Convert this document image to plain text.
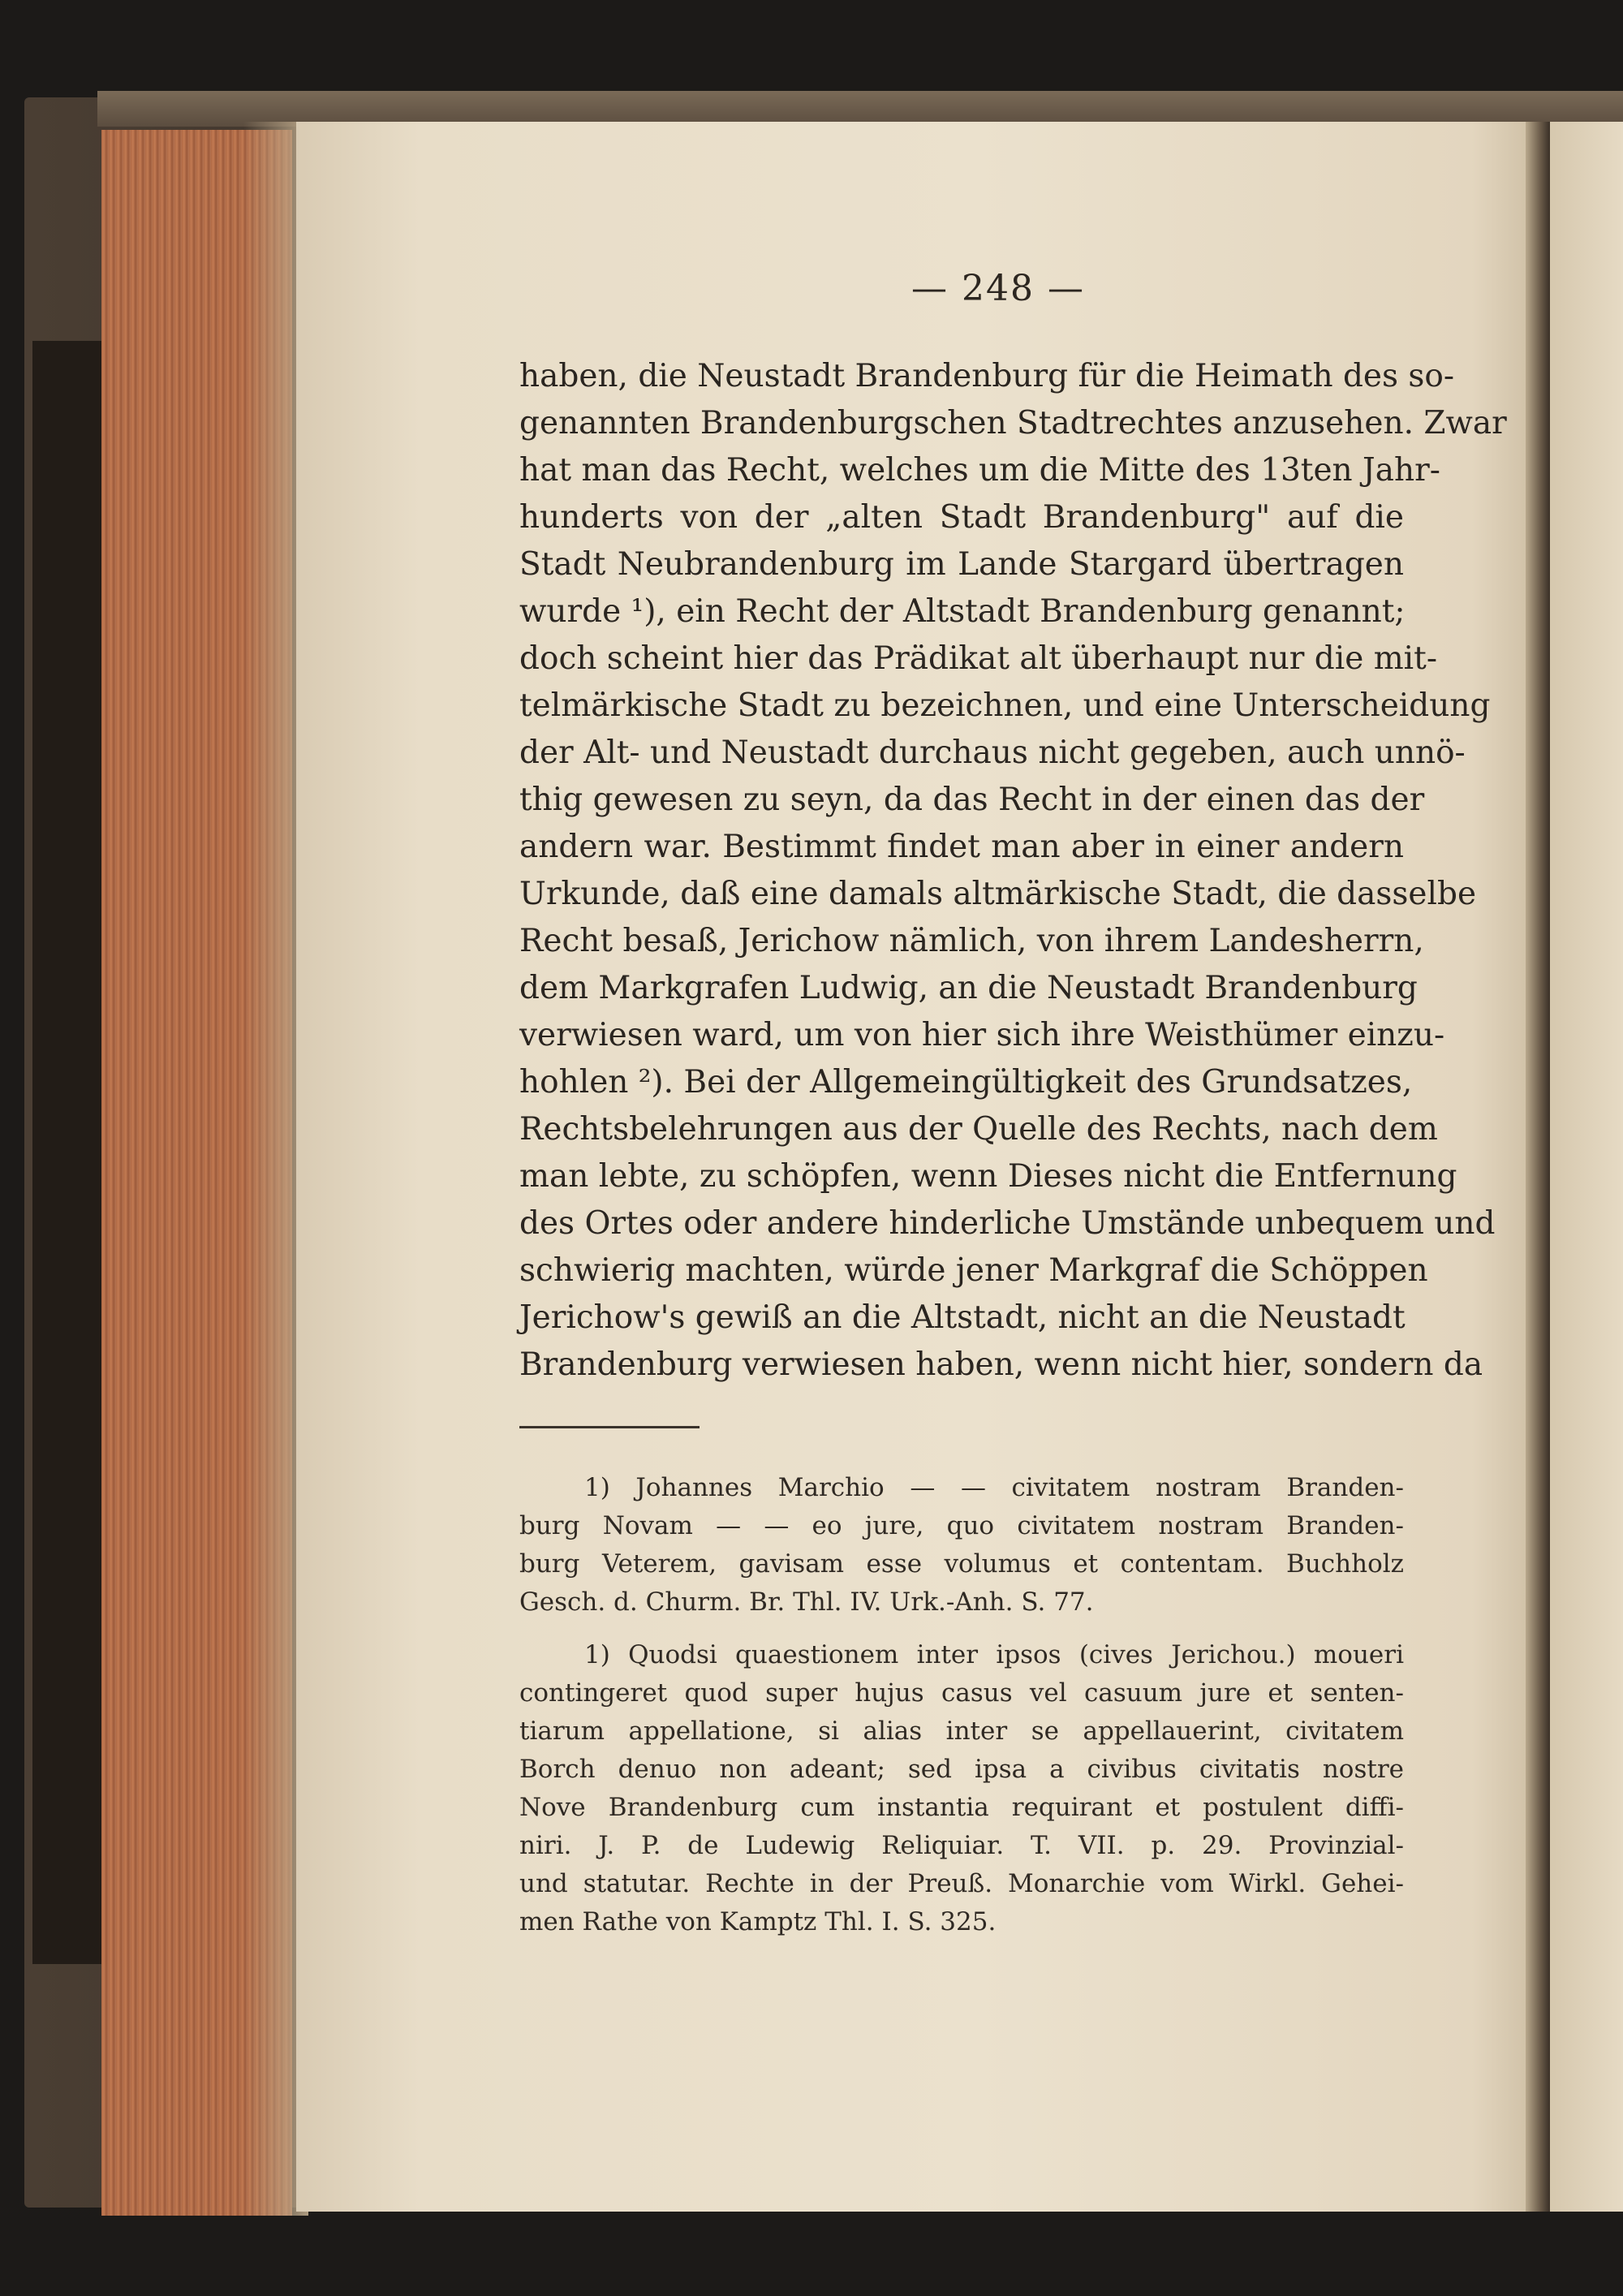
— 248 —
haben, die Neustadt Brandenburg für die Heimath des so-
genannten Brandenburgschen Stadtrechtes anzusehen. Zwar
hat man das Recht, welches um die Mitte des 13ten Jahr-
hunderts von der „alten Stadt Brandenburg" auf die
Stadt Neubrandenburg im Lande Stargard übertragen
wurde ¹), ein Recht der Altstadt Brandenburg genannt;
doch scheint hier das Prädikat alt überhaupt nur die mit-
telmärkische Stadt zu bezeichnen, und eine Unterscheidung
der Alt- und Neustadt durchaus nicht gegeben, auch unnö-
thig gewesen zu seyn, da das Recht in der einen das der
andern war. Bestimmt findet man aber in einer andern
Urkunde, daß eine damals altmärkische Stadt, die dasselbe
Recht besaß, Jerichow nämlich, von ihrem Landesherrn,
dem Markgrafen Ludwig, an die Neustadt Brandenburg
verwiesen ward, um von hier sich ihre Weisthümer einzu-
hohlen ²). Bei der Allgemeingültigkeit des Grundsatzes,
Rechtsbelehrungen aus der Quelle des Rechts, nach dem
man lebte, zu schöpfen, wenn Dieses nicht die Entfernung
des Ortes oder andere hinderliche Umstände unbequem und
schwierig machten, würde jener Markgraf die Schöppen
Jerichow's gewiß an die Altstadt, nicht an die Neustadt
Brandenburg verwiesen haben, wenn nicht hier, sondern da
1) Johannes Marchio — — civitatem nostram Branden-
burg Novam — — eo jure, quo civitatem nostram Branden-
burg Veterem, gavisam esse volumus et contentam. Buchholz
Gesch. d. Churm. Br. Thl. IV. Urk.-Anh. S. 77.
1) Quodsi quaestionem inter ipsos (cives Jerichou.) moueri
contingeret quod super hujus casus vel casuum jure et senten-
tiarum appellatione, si alias inter se appellauerint, civitatem
Borch denuo non adeant; sed ipsa a civibus civitatis nostre
Nove Brandenburg cum instantia requirant et postulent diffi-
niri. J. P. de Ludewig Reliquiar. T. VII. p. 29. Provinzial-
und statutar. Rechte in der Preuß. Monarchie vom Wirkl. Gehei-
men Rathe von Kamptz Thl. I. S. 325.
